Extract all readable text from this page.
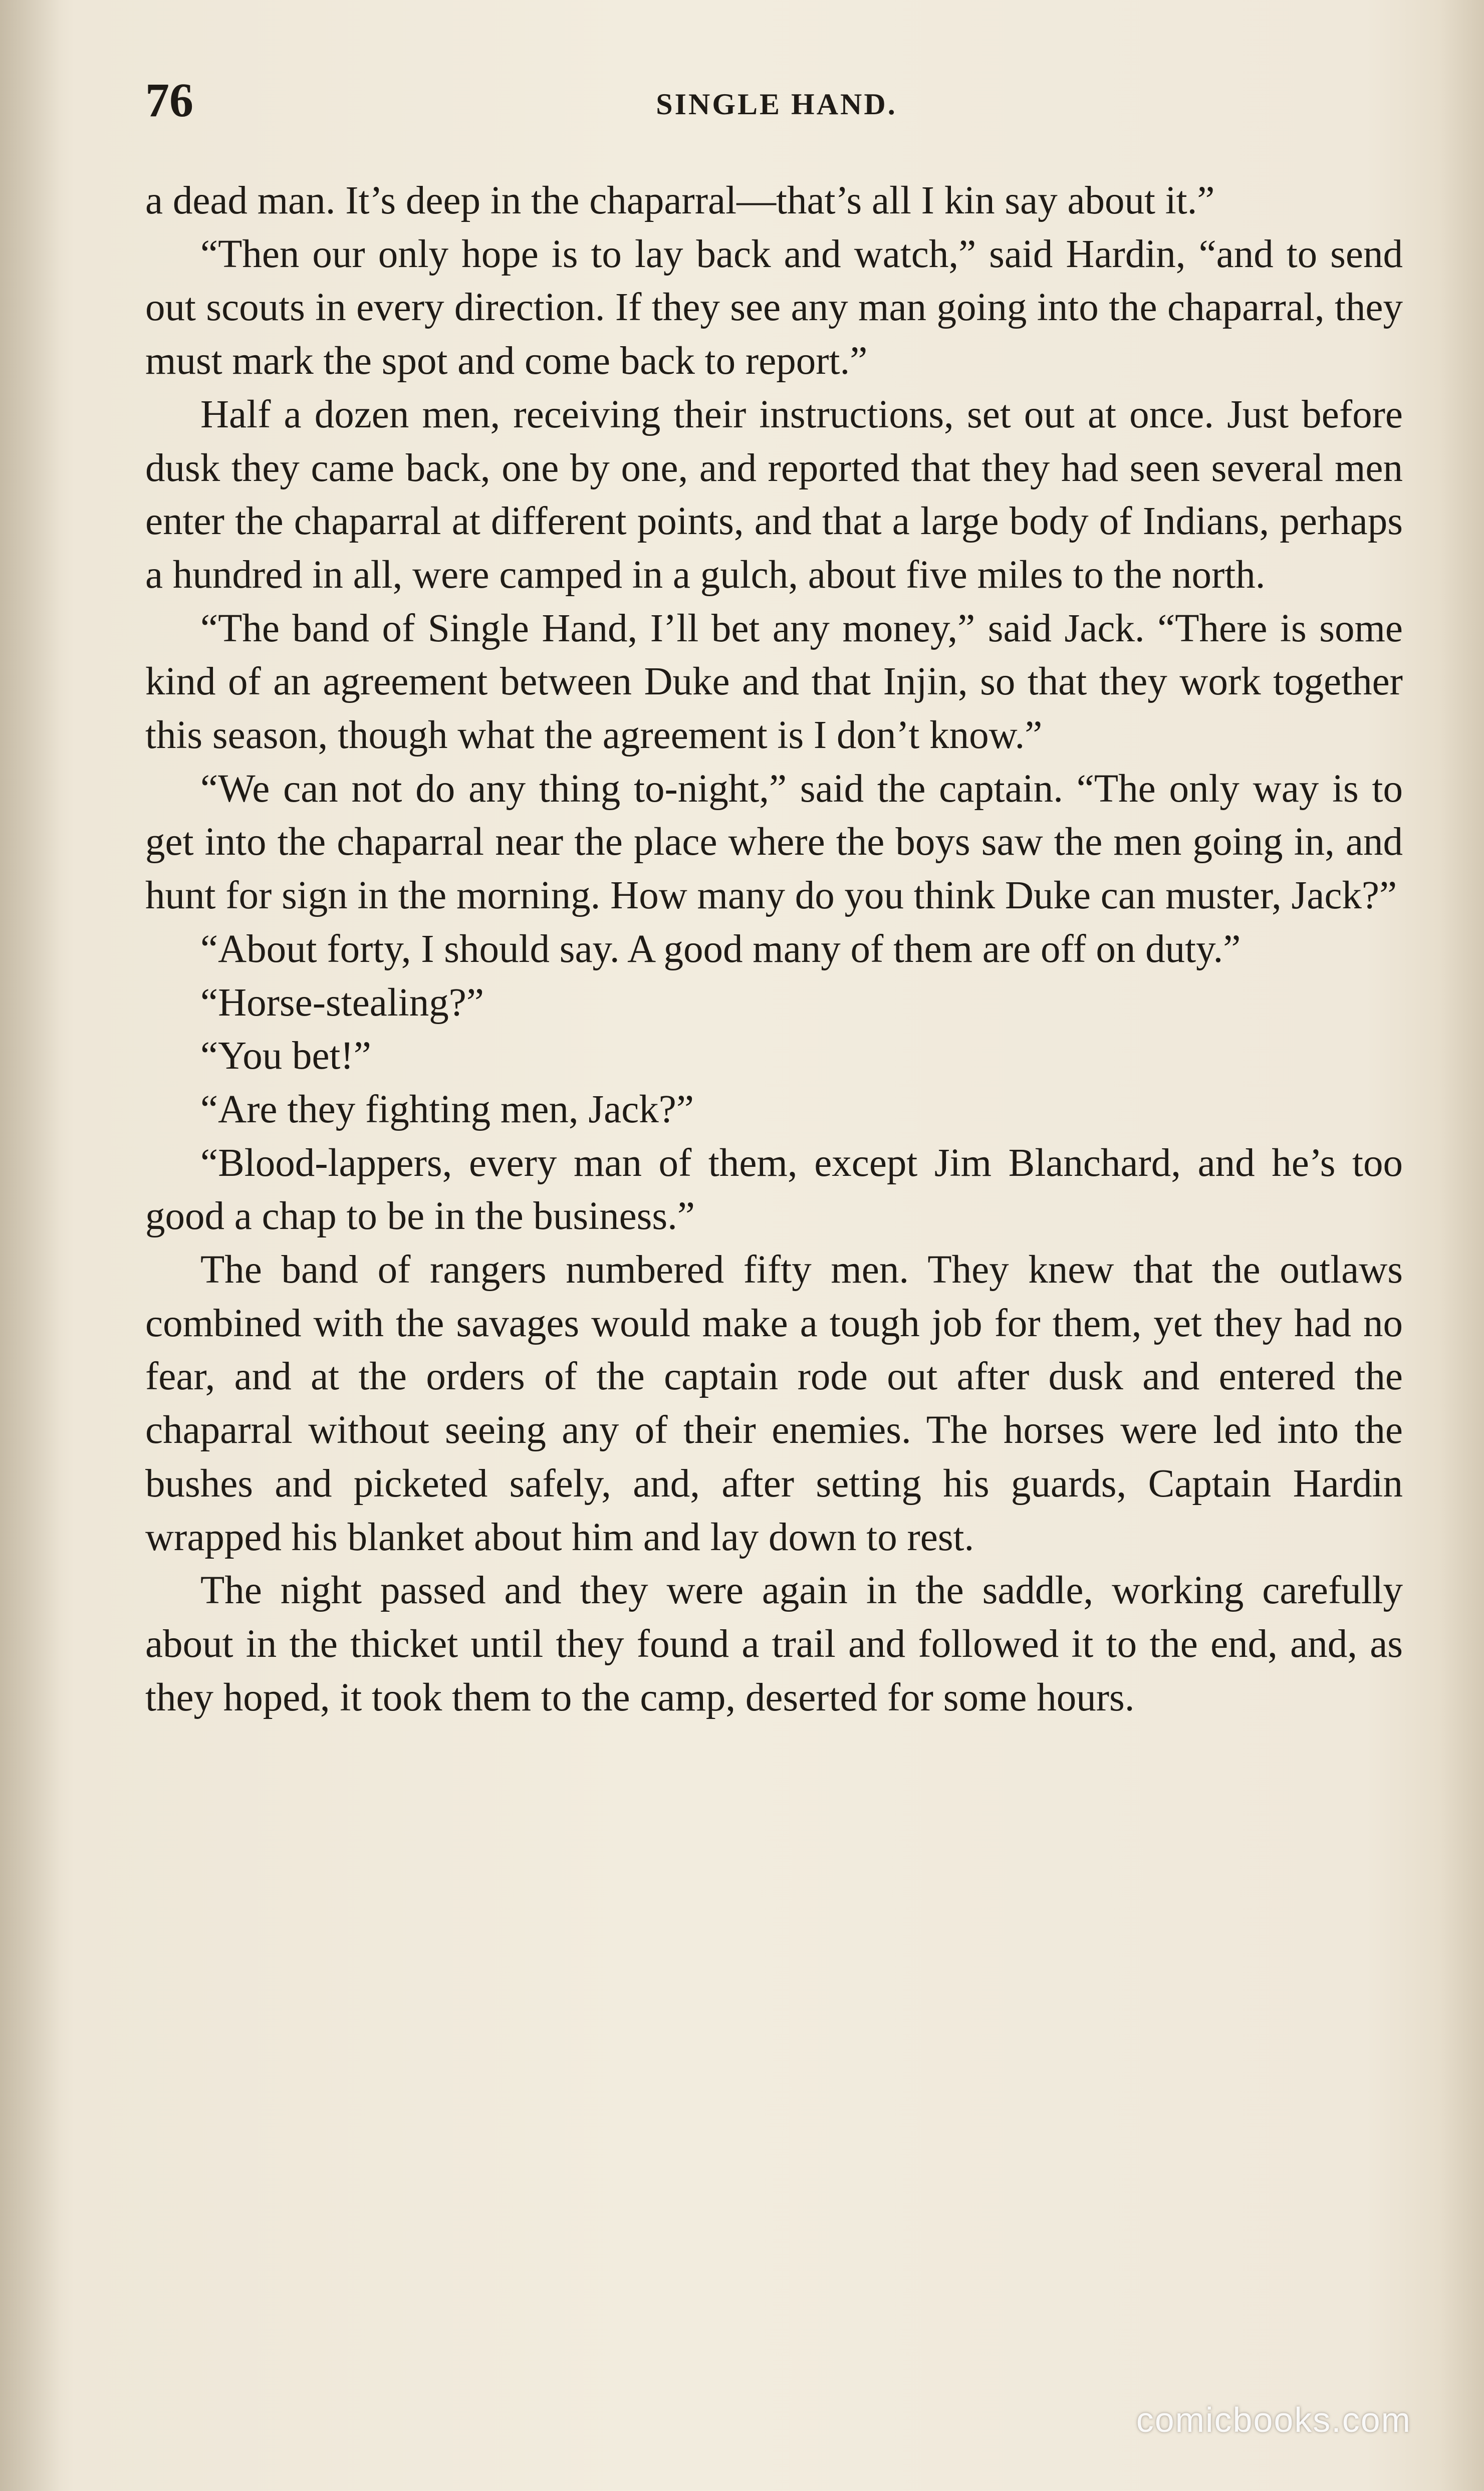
76	SINGLE HAND.

a dead man. It’s deep in the chaparral—that’s all I kin say about it.”

“Then our only hope is to lay back and watch,” said Hardin, “and to send out scouts in every direction. If they see any man going into the chaparral, they must mark the spot and come back to report.”

Half a dozen men, receiving their instructions, set out at once. Just before dusk they came back, one by one, and reported that they had seen several men enter the chaparral at different points, and that a large body of Indians, perhaps a hundred in all, were camped in a gulch, about five miles to the north.

“The band of Single Hand, I’ll bet any money,” said Jack. “There is some kind of an agreement between Duke and that Injin, so that they work together this season, though what the agreement is I don’t know.”

“We can not do any thing to-night,” said the captain. “The only way is to get into the chaparral near the place where the boys saw the men going in, and hunt for sign in the morning. How many do you think Duke can muster, Jack?”

“About forty, I should say. A good many of them are off on duty.”

“Horse-stealing?”

“You bet!”

“Are they fighting men, Jack?”

“Blood-lappers, every man of them, except Jim Blanchard, and he’s too good a chap to be in the business.”

The band of rangers numbered fifty men. They knew that the outlaws combined with the savages would make a tough job for them, yet they had no fear, and at the orders of the captain rode out after dusk and entered the chaparral without seeing any of their enemies. The horses were led into the bushes and picketed safely, and, after setting his guards, Captain Hardin wrapped his blanket about him and lay down to rest.

The night passed and they were again in the saddle, working carefully about in the thicket until they found a trail and followed it to the end, and, as they hoped, it took them to the camp, deserted for some hours.

comicbooks.com
